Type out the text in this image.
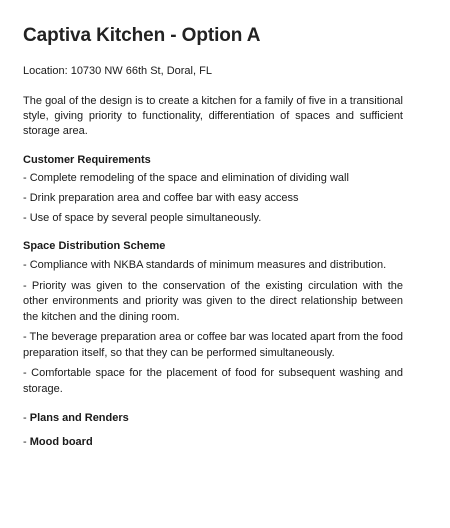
Captiva Kitchen - Option A

Location: 10730 NW 66th St, Doral, FL

The goal of the design is to create a kitchen for a family of five in a transitional style, giving priority to functionality, differentiation of spaces and sufficient storage area.

Customer Requirements
- Complete remodeling of the space and elimination of dividing wall
- Drink preparation area and coffee bar with easy access
- Use of space by several people simultaneously.
Space Distribution Scheme
- Compliance with NKBA standards of minimum measures and distribution.
- Priority was given to the conservation of the existing circulation with the other environments and priority was given to the direct relationship between the kitchen and the dining room.
- The beverage preparation area or coffee bar was located apart from the food preparation itself, so that they can be performed simultaneously.
- Comfortable space for the placement of food for subsequent washing and storage.

- Plans and Renders

- Mood board
